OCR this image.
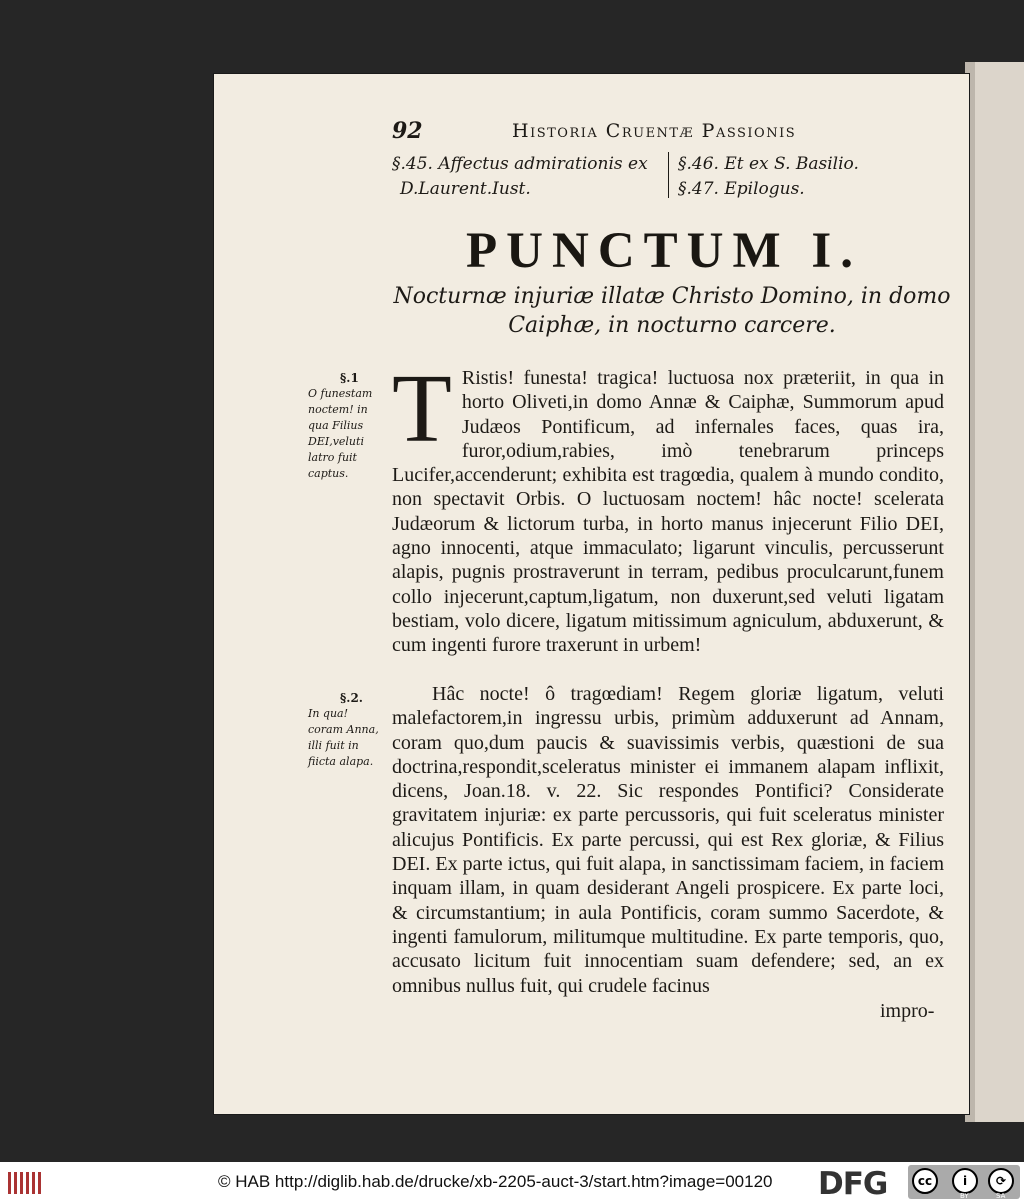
92	Historia Cruentæ Passionis
§.45. Affectus admirationis ex
D.Laurent.Iust.
§.46. Et ex S. Basilio.
§.47. Epilogus.
PUNCTUM I.
Nocturnæ injuriæ illatæ Christo Domino, in domo Caiphæ, in nocturno carcere.
§.1
O funestam noctem! in qua Filius DEI,veluti latro fuit captus.
§.2.
In qua! coram Anna, illi fuit in fiicta alapa.
T Ristis! funesta! tragica! luctuosa nox præteriit, in qua in horto Oliveti,in domo Annæ & Caiphæ, Summorum apud Judæos Pontificum, ad infernales faces, quas ira, furor,odium,rabies, imò tenebrarum princeps Lucifer,accenderunt; exhibita est tragœdia, qualem à mundo condito, non spectavit Orbis. O luctuosam noctem! hâc nocte! scelerata Judæorum & lictorum turba, in horto manus injecerunt Filio DEI, agno innocenti, atque immaculato; ligarunt vinculis, percusserunt alapis, pugnis prostraverunt in terram, pedibus proculcarunt,funem collo injecerunt,captum,ligatum, non duxerunt,sed veluti ligatam bestiam, volo dicere, ligatum mitissimum agniculum, abduxerunt, & cum ingenti furore traxerunt in urbem!
Hâc nocte! ô tragœdiam! Regem gloriæ ligatum, veluti malefactorem,in ingressu urbis, primùm adduxerunt ad Annam, coram quo,dum paucis & suavissimis verbis, quæstioni de sua doctrina,respondit,sceleratus minister ei immanem alapam inflixit, dicens, Joan.18. v. 22. Sic respondes Pontifici? Considerate gravitatem injuriæ: ex parte percussoris, qui fuit sceleratus minister alicujus Pontificis. Ex parte percussi, qui est Rex gloriæ, & Filius DEI. Ex parte ictus, qui fuit alapa, in sanctissimam faciem, in faciem inquam illam, in quam desiderant Angeli prospicere. Ex parte loci, & circumstantium; in aula Pontificis, coram summo Sacerdote, & ingenti famulorum, militumque multitudine. Ex parte temporis, quo, accusato licitum fuit innocentiam suam defendere; sed, an ex omnibus nullus fuit, qui crudele facinus
impro-
© HAB http://diglib.hab.de/drucke/xb-2205-auct-3/start.htm?image=00120 DFG	cc	i	⟳
BY	SA
